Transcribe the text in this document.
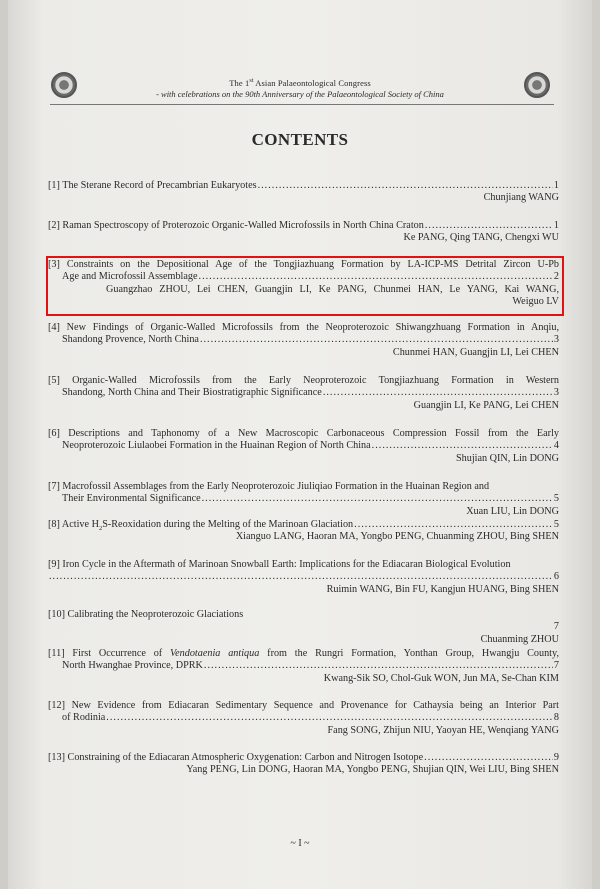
The 1st Asian Palaeontological Congress
- with celebrations on the 90th Anniversary of the Palaeontological Society of China
CONTENTS
[1] The Sterane Record of Precambrian Eukaryotes .....	1
Chunjiang WANG
[2] Raman Spectroscopy of Proterozoic Organic-Walled Microfossils in North China Craton .....	1
Ke PANG, Qing TANG, Chengxi WU
[3] Constraints on the Depositional Age of the Tongjiazhuang Formation by LA-ICP-MS Detrital Zircon U-Pb
Age and Microfossil Assemblage .....	2
Guangzhao ZHOU, Lei CHEN, Guangjin LI, Ke PANG, Chunmei HAN, Le YANG, Kai WANG,
Weiguo LV
[4] New Findings of Organic-Walled Microfossils from the Neoproterozoic Shiwangzhuang Formation in Anqiu,
Shandong Provence, North China .....	3
Chunmei HAN, Guangjin LI, Lei CHEN
[5] Organic-Walled Microfossils from the Early Neoproterozoic Tongjiazhuang Formation in Western
Shandong, North China and Their Biostratigraphic Significance .....	3
Guangjin LI, Ke PANG, Lei CHEN
[6] Descriptions and Taphonomy of a New Macroscopic Carbonaceous Compression Fossil from the Early
Neoproterozoic Liulaobei Formation in the Huainan Region of North China .....	4
Shujian QIN, Lin DONG
[7] Macrofossil Assemblages from the Early Neoproterozoic Jiuliqiao Formation in the Huainan Region and
Their Environmental Significance .....	5
Xuan LIU, Lin DONG
[8] Active $H_2S$-Reoxidation during the Melting of the Marinoan Glaciation .....	5
Xianguo LANG, Haoran MA, Yongbo PENG, Chuanming ZHOU, Bing SHEN
[9] Iron Cycle in the Aftermath of Marinoan Snowball Earth: Implications for the Ediacaran Biological Evolution
.....
6
Ruimin WANG, Bin FU, Kangjun HUANG, Bing SHEN
[10] Calibrating the Neoproterozoic Glaciations
7
Chuanming ZHOU
[11] First Occurrence of Vendotaenia antiqua from the Rungri Formation, Yonthan Group, Hwangju County,
North Hwanghae Province, DPRK .....	7
Kwang-Sik SO, Chol-Guk WON, Jun MA, Se-Chan KIM
[12] New Evidence from Ediacaran Sedimentary Sequence and Provenance for Cathaysia being an Interior Part
of Rodinia .....	8
Fang SONG, Zhijun NIU, Yaoyan HE, Wenqiang YANG
[13] Constraining of the Ediacaran Atmospheric Oxygenation: Carbon and Nitrogen Isotope .....	9
Yang PENG, Lin DONG, Haoran MA, Yongbo PENG, Shujian QIN, Wei LIU, Bing SHEN
~ I ~
